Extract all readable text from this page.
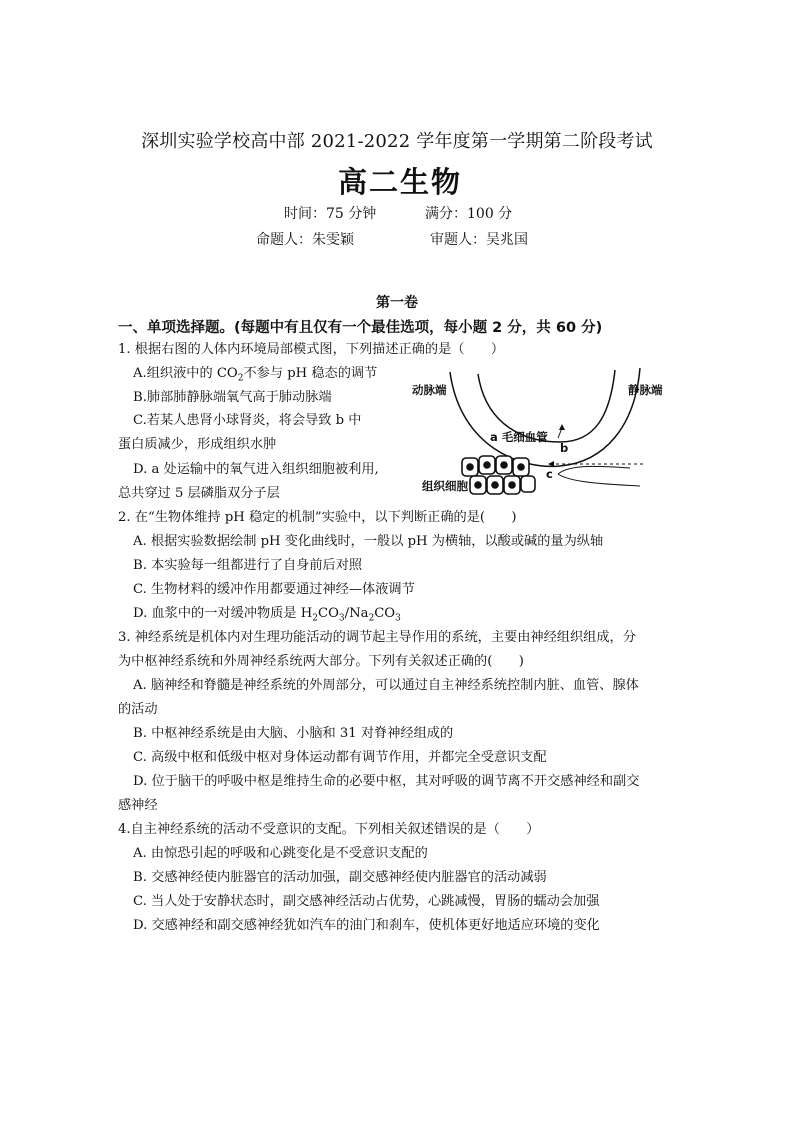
深圳实验学校高中部 2021-2022 学年度第一学期第二阶段考试
高二生物
时间：75 分钟	满分：100 分
命题人：朱雯颖	审题人：吴兆国
第一卷
一、单项选择题。(每题中有且仅有一个最佳选项，每小题 2 分，共 60 分)
1. 根据右图的人体内环境局部模式图，下列描述正确的是（　　）
A.组织液中的 $CO_2$不参与 pH 稳态的调节
B.肺部肺静脉端氧气高于肺动脉端
C.若某人患肾小球肾炎，将会导致 b 中
蛋白质减少，形成组织水肿
D. a 处运输中的氧气进入组织细胞被利用,
总共穿过 5 层磷脂双分子层
动脉端	静脉端
a 毛细血管
b
c
组织细胞
2. 在“生物体维持 pH 稳定的机制”实验中，以下判断正确的是(　　)
A. 根据实验数据绘制 pH 变化曲线时，一般以 pH 为横轴，以酸或碱的量为纵轴
B. 本实验每一组都进行了自身前后对照
C. 生物材料的缓冲作用都要通过神经—体液调节
D. 血浆中的一对缓冲物质是 $H_2CO_3/Na_2CO_3$
3. 神经系统是机体内对生理功能活动的调节起主导作用的系统，主要由神经组织组成，分
为中枢神经系统和外周神经系统两大部分。下列有关叙述正确的(　　)
A. 脑神经和脊髓是神经系统的外周部分，可以通过自主神经系统控制内脏、血管、腺体
的活动
B. 中枢神经系统是由大脑、小脑和 31 对脊神经组成的
C. 高级中枢和低级中枢对身体运动都有调节作用，并都完全受意识支配
D. 位于脑干的呼吸中枢是维持生命的必要中枢，其对呼吸的调节离不开交感神经和副交
感神经
4.自主神经系统的活动不受意识的支配。下列相关叙述错误的是（　　）
A. 由惊恐引起的呼吸和心跳变化是不受意识支配的
B. 交感神经使内脏器官的活动加强，副交感神经使内脏器官的活动减弱
C. 当人处于安静状态时，副交感神经活动占优势，心跳减慢，胃肠的蠕动会加强
D. 交感神经和副交感神经犹如汽车的油门和刹车，使机体更好地适应环境的变化
